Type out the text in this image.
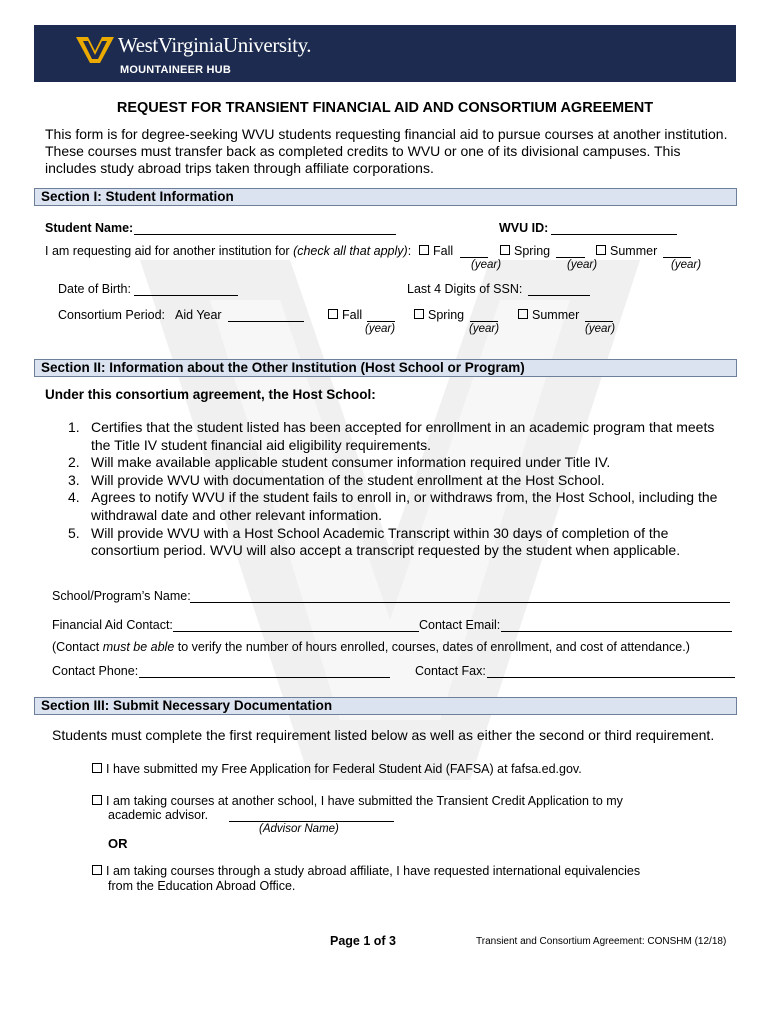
WestVirginiaUniversity.
MOUNTAINEER HUB
REQUEST FOR TRANSIENT FINANCIAL AID AND CONSORTIUM AGREEMENT
This form is for degree-seeking WVU students requesting financial aid to pursue courses at another institution.
These courses must transfer back as completed credits to WVU or one of its divisional campuses. This
includes study abroad trips taken through affiliate corporations.
Section I: Student Information
Student Name:	WVU ID:
I am requesting aid for another institution for (check all that apply):	Fall	Spring	Summer
(year)	(year)	(year)
Date of Birth:	Last 4 Digits of SSN:
Consortium Period: Aid Year	Fall	Spring	Summer
(year)	(year)	(year)
Section II: Information about the Other Institution (Host School or Program)
Under this consortium agreement, the Host School:
1. Certifies that the student listed has been accepted for enrollment in an academic program that meets the Title IV student financial aid eligibility requirements.
2. Will make available applicable student consumer information required under Title IV.
3. Will provide WVU with documentation of the student enrollment at the Host School.
4. Agrees to notify WVU if the student fails to enroll in, or withdraws from, the Host School, including the withdrawal date and other relevant information.
5. Will provide WVU with a Host School Academic Transcript within 30 days of completion of the consortium period. WVU will also accept a transcript requested by the student when applicable.
School/Program’s Name:
Financial Aid Contact:	Contact Email:
(Contact must be able to verify the number of hours enrolled, courses, dates of enrollment, and cost of attendance.)
Contact Phone:	Contact Fax:
Section III: Submit Necessary Documentation
Students must complete the first requirement listed below as well as either the second or third requirement.
I have submitted my Free Application for Federal Student Aid (FAFSA) at fafsa.ed.gov.
I am taking courses at another school, I have submitted the Transient Credit Application to my
academic advisor.
(Advisor Name)
OR
I am taking courses through a study abroad affiliate, I have requested international equivalencies
from the Education Abroad Office.
Page 1 of 3	Transient and Consortium Agreement: CONSHM (12/18)
